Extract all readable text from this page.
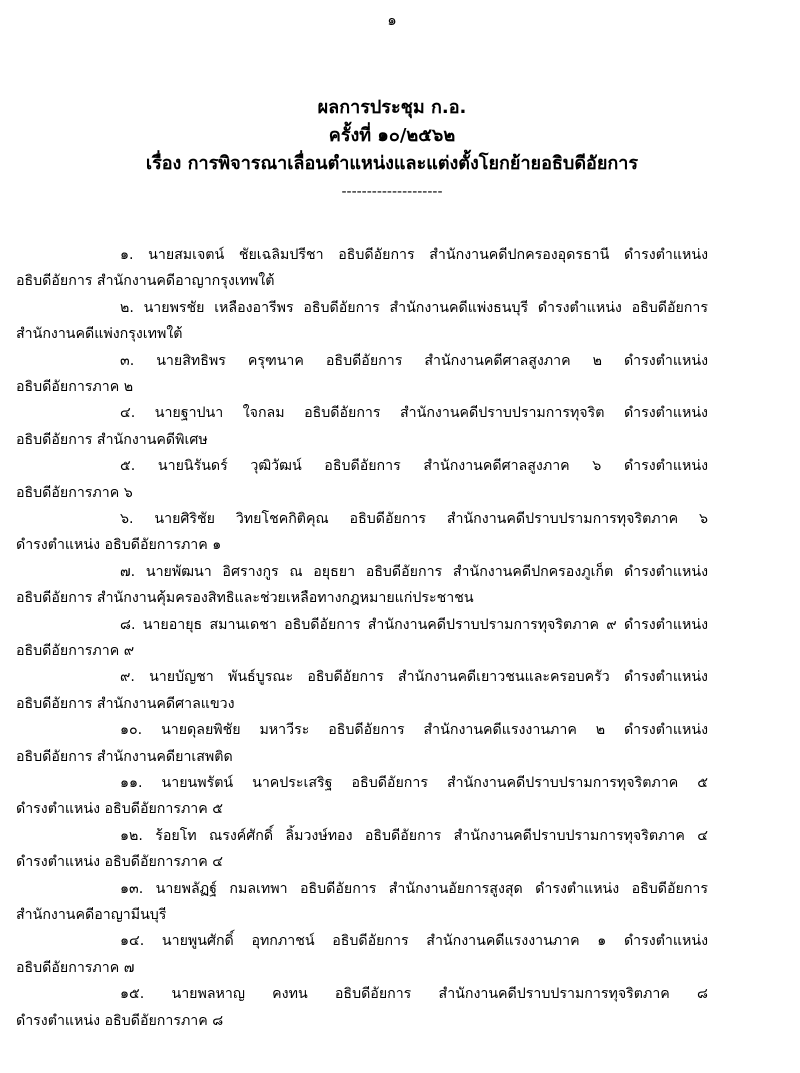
๑
ผลการประชุม ก.อ.
ครั้งที่ ๑๐/๒๕๖๒
เรื่อง การพิจารณาเลื่อนตำแหน่งและแต่งตั้งโยกย้ายอธิบดีอัยการ
--------------------
๑. นายสมเจตน์ ชัยเฉลิมปรีชา อธิบดีอัยการ สำนักงานคดีปกครองอุดรธานี ดำรงตำแหน่ง
อธิบดีอัยการ สำนักงานคดีอาญากรุงเทพใต้
๒. นายพรชัย เหลืองอารีพร อธิบดีอัยการ สำนักงานคดีแพ่งธนบุรี ดำรงตำแหน่ง อธิบดีอัยการ
สำนักงานคดีแพ่งกรุงเทพใต้
๓. นายสิทธิพร ครุฑนาค อธิบดีอัยการ สำนักงานคดีศาลสูงภาค ๒ ดำรงตำแหน่ง
อธิบดีอัยการภาค ๒
๔. นายฐาปนา ใจกลม อธิบดีอัยการ สำนักงานคดีปราบปรามการทุจริต ดำรงตำแหน่ง
อธิบดีอัยการ สำนักงานคดีพิเศษ
๕. นายนิรันดร์ วุฒิวัฒน์ อธิบดีอัยการ สำนักงานคดีศาลสูงภาค ๖ ดำรงตำแหน่ง
อธิบดีอัยการภาค ๖
๖. นายศิริชัย วิทยโชคกิติคุณ อธิบดีอัยการ สำนักงานคดีปราบปรามการทุจริตภาค ๖
ดำรงตำแหน่ง อธิบดีอัยการภาค ๑
๗. นายพัฒนา อิศรางกูร ณ อยุธยา อธิบดีอัยการ สำนักงานคดีปกครองภูเก็ต ดำรงตำแหน่ง
อธิบดีอัยการ สำนักงานคุ้มครองสิทธิและช่วยเหลือทางกฎหมายแก่ประชาชน
๘. นายอายุธ สมานเดชา อธิบดีอัยการ สำนักงานคดีปราบปรามการทุจริตภาค ๙ ดำรงตำแหน่ง
อธิบดีอัยการภาค ๙
๙. นายบัญชา พันธ์บูรณะ อธิบดีอัยการ สำนักงานคดีเยาวชนและครอบครัว ดำรงตำแหน่ง
อธิบดีอัยการ สำนักงานคดีศาลแขวง
๑๐. นายดุลยพิชัย มหาวีระ อธิบดีอัยการ สำนักงานคดีแรงงานภาค ๒ ดำรงตำแหน่ง
อธิบดีอัยการ สำนักงานคดียาเสพติด
๑๑. นายนพรัตน์ นาคประเสริฐ อธิบดีอัยการ สำนักงานคดีปราบปรามการทุจริตภาค ๕
ดำรงตำแหน่ง อธิบดีอัยการภาค ๕
๑๒. ร้อยโท ณรงค์ศักดิ์ ลิ้มวงษ์ทอง อธิบดีอัยการ สำนักงานคดีปราบปรามการทุจริตภาค ๔
ดำรงตำแหน่ง อธิบดีอัยการภาค ๔
๑๓. นายพลัฏฐ์ กมลเทพา อธิบดีอัยการ สำนักงานอัยการสูงสุด ดำรงตำแหน่ง อธิบดีอัยการ
สำนักงานคดีอาญามีนบุรี
๑๔. นายพูนศักดิ์ อุทกภาชน์ อธิบดีอัยการ สำนักงานคดีแรงงานภาค ๑ ดำรงตำแหน่ง
อธิบดีอัยการภาค ๗
๑๕. นายพลหาญ คงทน อธิบดีอัยการ สำนักงานคดีปราบปรามการทุจริตภาค ๘
ดำรงตำแหน่ง อธิบดีอัยการภาค ๘
